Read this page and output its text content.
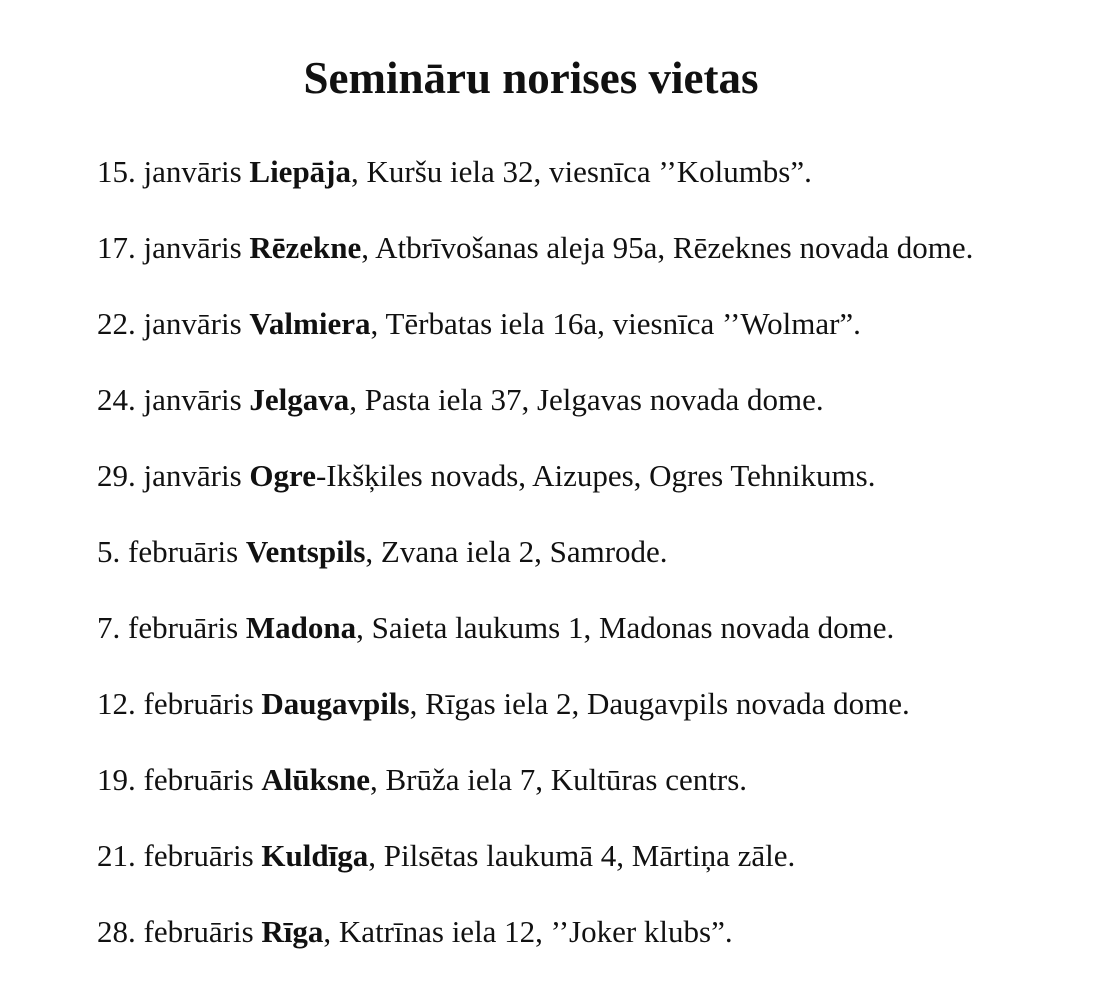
Semināru norises vietas
15. janvāris Liepāja, Kuršu iela 32, viesnīca ’’Kolumbs”.
17. janvāris Rēzekne, Atbrīvošanas aleja 95a, Rēzeknes novada dome.
22. janvāris Valmiera, Tērbatas iela 16a, viesnīca ’’Wolmar”.
24. janvāris Jelgava, Pasta iela 37, Jelgavas novada dome.
29. janvāris Ogre-Ikšķiles novads, Aizupes, Ogres Tehnikums.
5. februāris Ventspils, Zvana iela 2, Samrode.
7. februāris Madona, Saieta laukums 1, Madonas novada dome.
12. februāris Daugavpils, Rīgas iela 2, Daugavpils novada dome.
19. februāris Alūksne, Brūža iela 7, Kultūras centrs.
21. februāris Kuldīga, Pilsētas laukumā 4, Mārtiņa zāle.
28. februāris Rīga, Katrīnas iela 12, ’’Joker klubs”.
